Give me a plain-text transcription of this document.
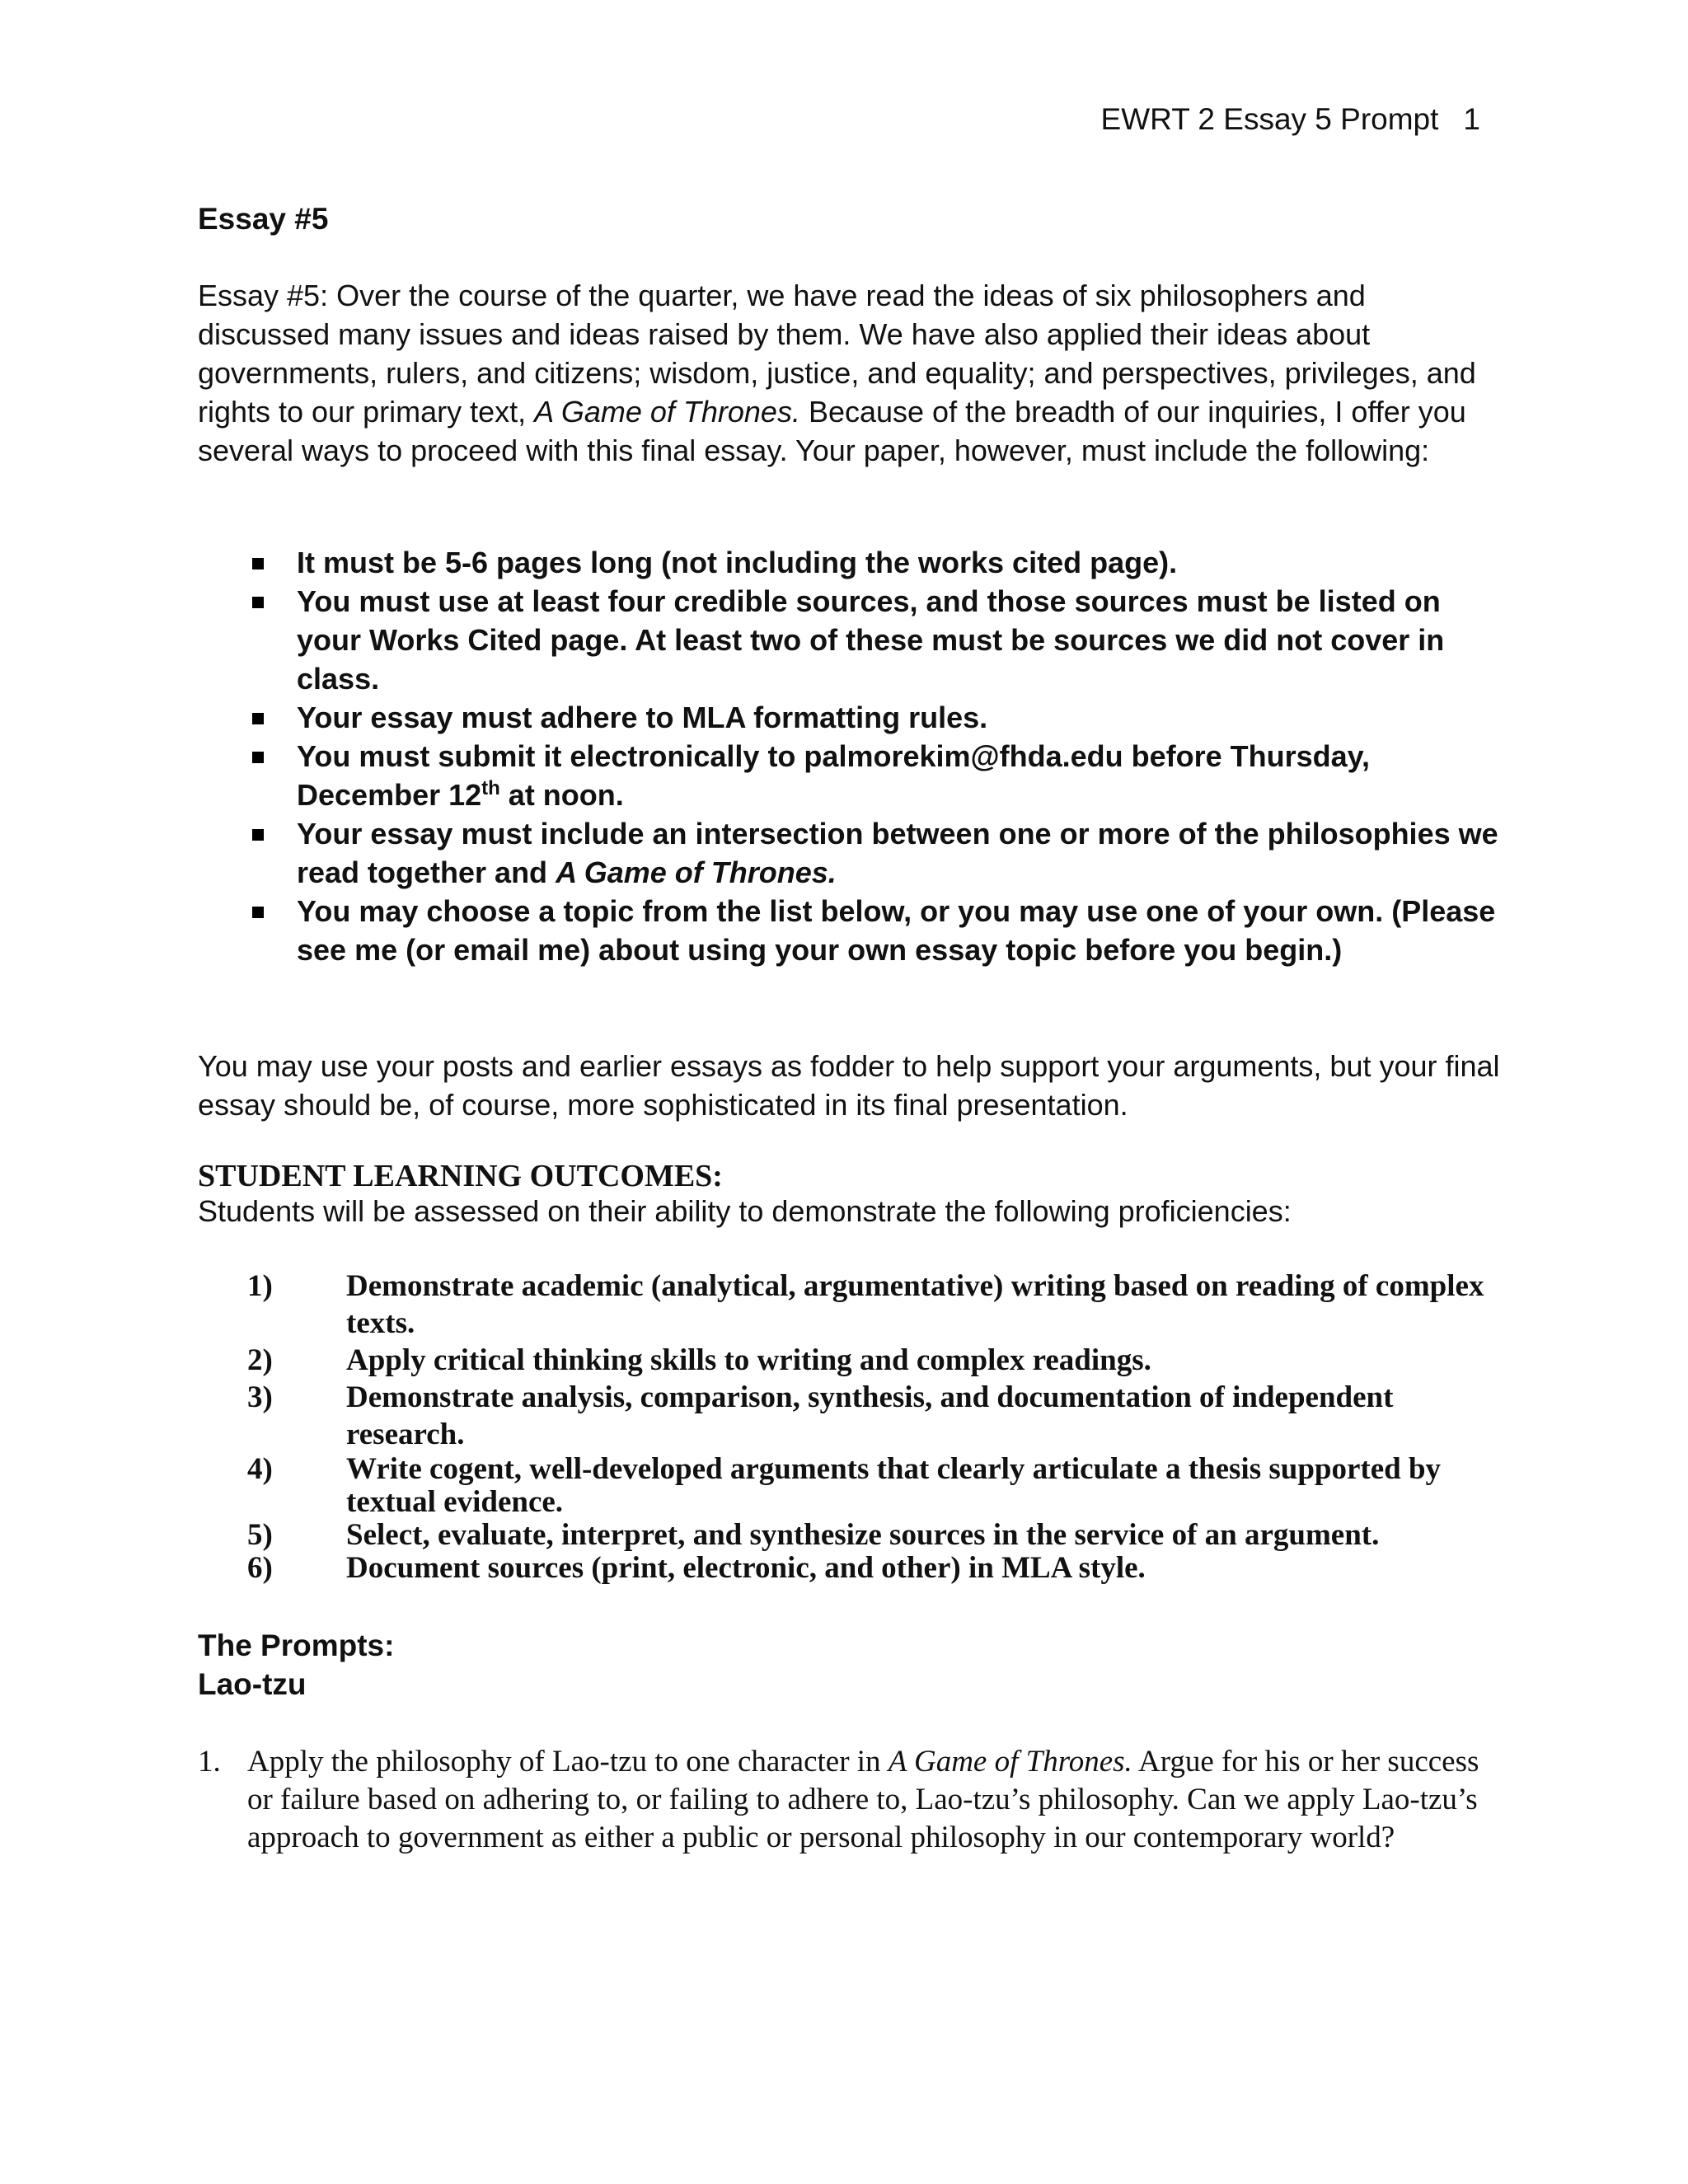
EWRT 2 Essay 5 Prompt 1
Essay #5
Essay #5: Over the course of the quarter, we have read the ideas of six philosophers and discussed many issues and ideas raised by them. We have also applied their ideas about governments, rulers, and citizens; wisdom, justice, and equality; and perspectives, privileges, and rights to our primary text, A Game of Thrones. Because of the breadth of our inquiries, I offer you several ways to proceed with this final essay. Your paper, however, must include the following:
It must be 5-6 pages long (not including the works cited page).
You must use at least four credible sources, and those sources must be listed on your Works Cited page. At least two of these must be sources we did not cover in class.
Your essay must adhere to MLA formatting rules.
You must submit it electronically to palmorekim@fhda.edu before Thursday, December 12th at noon.
Your essay must include an intersection between one or more of the philosophies we read together and A Game of Thrones.
You may choose a topic from the list below, or you may use one of your own. (Please see me (or email me) about using your own essay topic before you begin.)
You may use your posts and earlier essays as fodder to help support your arguments, but your final essay should be, of course, more sophisticated in its final presentation.
STUDENT LEARNING OUTCOMES:
Students will be assessed on their ability to demonstrate the following proficiencies:
1) Demonstrate academic (analytical, argumentative) writing based on reading of complex texts.
2) Apply critical thinking skills to writing and complex readings.
3) Demonstrate analysis, comparison, synthesis, and documentation of independent research.
4) Write cogent, well-developed arguments that clearly articulate a thesis supported by textual evidence.
5) Select, evaluate, interpret, and synthesize sources in the service of an argument.
6) Document sources (print, electronic, and other) in MLA style.
The Prompts:
Lao-tzu
1. Apply the philosophy of Lao-tzu to one character in A Game of Thrones. Argue for his or her success or failure based on adhering to, or failing to adhere to, Lao-tzu’s philosophy. Can we apply Lao-tzu’s approach to government as either a public or personal philosophy in our contemporary world?
